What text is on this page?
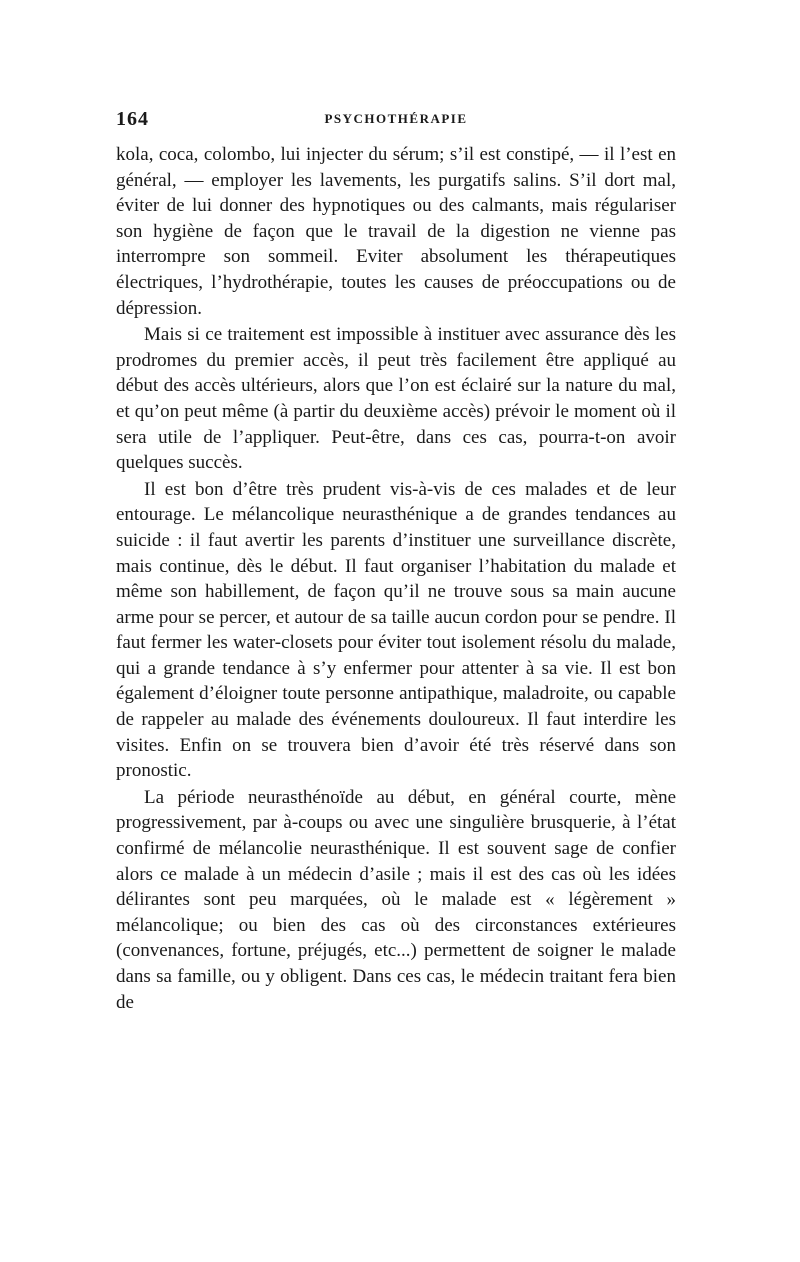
164	PSYCHOTHÉRAPIE

kola, coca, colombo, lui injecter du sérum; s’il est constipé, — il l’est en général, — employer les lavements, les purgatifs salins. S’il dort mal, éviter de lui donner des hypnotiques ou des calmants, mais régulariser son hygiène de façon que le travail de la digestion ne vienne pas interrompre son sommeil. Eviter absolument les thérapeutiques électriques, l’hydrothérapie, toutes les causes de préoccupations ou de dépression.

Mais si ce traitement est impossible à instituer avec assurance dès les prodromes du premier accès, il peut très facilement être appliqué au début des accès ultérieurs, alors que l’on est éclairé sur la nature du mal, et qu’on peut même (à partir du deuxième accès) prévoir le moment où il sera utile de l’appliquer. Peut-être, dans ces cas, pourra-t-on avoir quelques succès.

Il est bon d’être très prudent vis-à-vis de ces malades et de leur entourage. Le mélancolique neurasthénique a de grandes tendances au suicide : il faut avertir les parents d’instituer une surveillance discrète, mais continue, dès le début. Il faut organiser l’habitation du malade et même son habillement, de façon qu’il ne trouve sous sa main aucune arme pour se percer, et autour de sa taille aucun cordon pour se pendre. Il faut fermer les water-closets pour éviter tout isolement résolu du malade, qui a grande tendance à s’y enfermer pour attenter à sa vie. Il est bon également d’éloigner toute personne antipathique, maladroite, ou capable de rappeler au malade des événements douloureux. Il faut interdire les visites. Enfin on se trouvera bien d’avoir été très réservé dans son pronostic.

La période neurasthénoïde au début, en général courte, mène progressivement, par à-coups ou avec une singulière brusquerie, à l’état confirmé de mélancolie neurasthénique. Il est souvent sage de confier alors ce malade à un médecin d’asile ; mais il est des cas où les idées délirantes sont peu marquées, où le malade est « légèrement » mélancolique; ou bien des cas où des circonstances extérieures (convenances, fortune, préjugés, etc...) permettent de soigner le malade dans sa famille, ou y obligent. Dans ces cas, le médecin traitant fera bien de
